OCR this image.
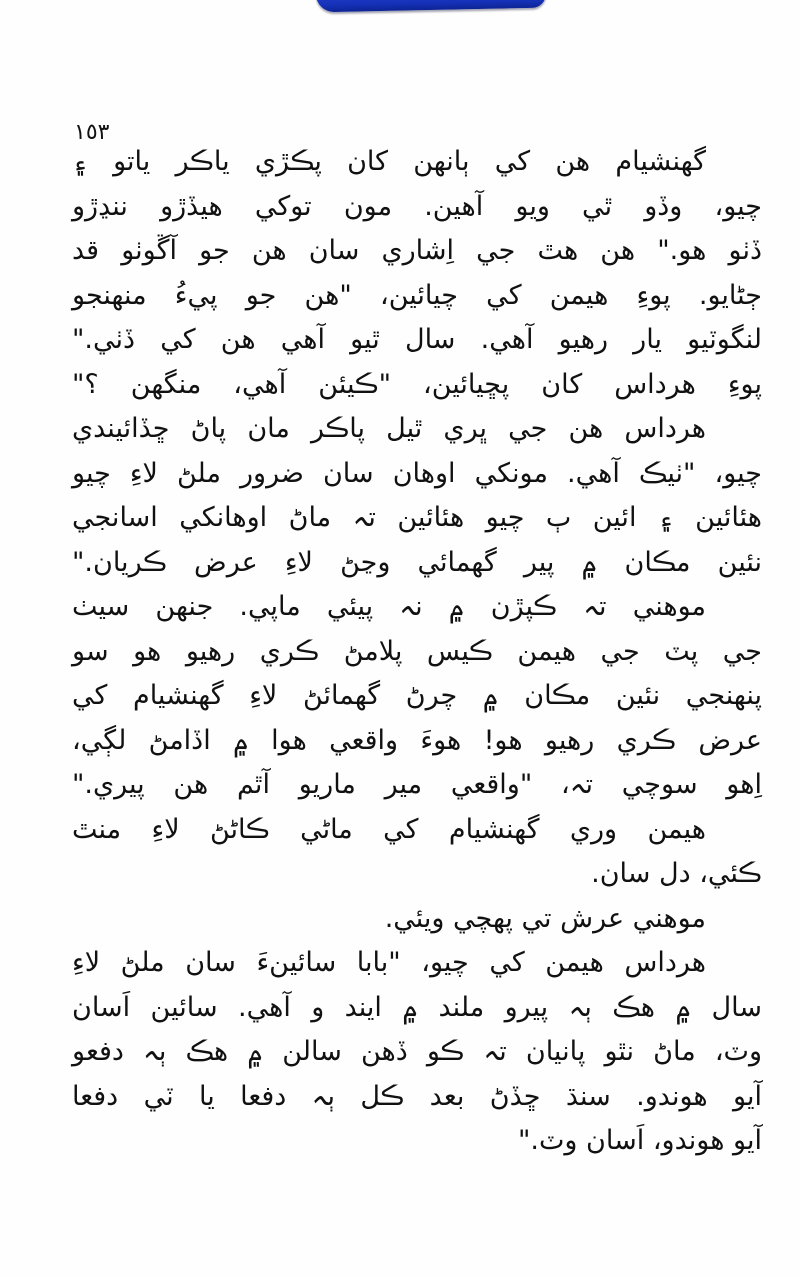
١٥٣
گھنشيام ھن کي ٻانھن کان پڪڙي ياڪر ياتو ۽
چيو، وڏو ٿي ويو آھين. مون توکي ھيڏڙو ننڍڙو
ڏٺو ھو." ھن ھٿ جي اِشاري سان ھن جو آڱوٺو قد
ڄڻايو. پوءِ ھيمن کي چيائين، "ھن جو پيءُ منھنجو
لنگوٽيو يار رھيو آھي. سال ٿيو آھي ھن کي ڏٺي."
پوءِ ھرداس کان پڇيائين، "ڪيئن آھي، منگھن ؟"
ھرداس ھن جي ڀري ٿيل پاڪر مان پاڻ ڇڏائيندي
چيو، "ٺيڪ آھي. مونکي اوھان سان ضرور ملڻ لاءِ چيو
ھئائين ۽ ائين ٻ چيو ھئائين تہ ماڻ اوھانکي اسانجي
نئين مڪان ۾ پير گھمائي وڃڻ لاءِ عرض ڪريان."
موھني تہ ڪپڙن ۾ نہ پيئي ماپي. جنھن سيٺ
جي پٽ جي ھيمن ڪيس پلامڻ ڪري رھيو ھو سو
پنھنجي نئين مڪان ۾ چرڻ گھمائڻ لاءِ گھنشيام کي
عرض ڪري رھيو ھو! ھوءَ واقعي ھوا ۾ اڏامڻ لڳي،
اِھو سوچي تہ، "واقعي مير ماريو آٿم ھن پيري."
ھيمن وري گھنشيام کي ماڻي ڪاڻڻ لاءِ منٿ
ڪئي، دل سان.
موھني عرش تي پھچي ويئي.
ھرداس ھيمن کي چيو، "بابا سائينءَ سان ملڻ لاءِ
سال ۾ ھڪ ٻہ پيرو ملند ۾ ايند و آھي. سائين اَسان
وٽ، ماڻ نٿو پانيان تہ ڪو ڏھن سالن ۾ ھڪ ٻہ دفعو
آيو ھوندو. سنڌ ڇڏڻ بعد ڪل ٻہ دفعا يا ٽي دفعا
آيو ھوندو، اَسان وٽ."
